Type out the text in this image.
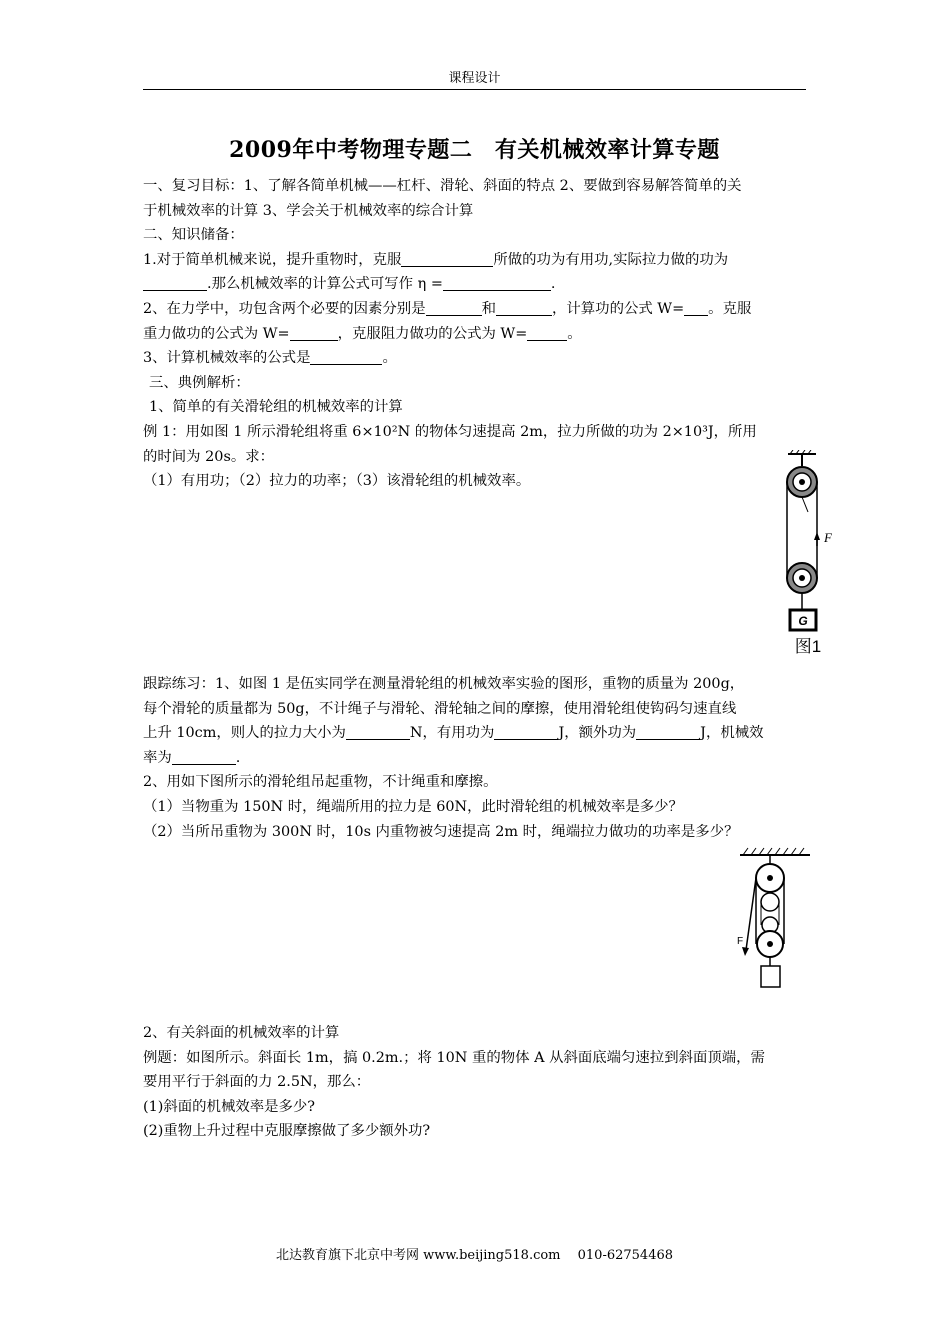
课程设计
2009年中考物理专题二　有关机械效率计算专题

一、复习目标：1、了解各简单机械——杠杆、滑轮、斜面的特点 2、要做到容易解答简单的关

于机械效率的计算 3、学会关于机械效率的综合计算

二、知识储备：

1.对于简单机械来说，提升重物时，克服	所做的功为有用功,实际拉力做的功为

.那么机械效率的计算公式可写作 η =	.

2、在力学中，功包含两个必要的因素分别是	和	，计算功的公式 W= 。克服

重力做功的公式为 W=	，克服阻力做功的公式为 W=	。

3、计算机械效率的公式是	。

三、典例解析：

1、简单的有关滑轮组的机械效率的计算

例 1：用如图 1 所示滑轮组将重 6×10²N 的物体匀速提高 2m，拉力所做的功为 2×10³J，所用

的时间为 20s。求：

（1）有用功；（2）拉力的功率；（3）该滑轮组的机械效率。

F
G
图1

跟踪练习：1、如图 1 是伍实同学在测量滑轮组的机械效率实验的图形，重物的质量为 200g，

每个滑轮的质量都为 50g，不计绳子与滑轮、滑轮轴之间的摩擦，使用滑轮组使钩码匀速直线

上升 10cm，则人的拉力大小为	N，有用功为	J，额外功为	J，机械效

率为	.

2、用如下图所示的滑轮组吊起重物，不计绳重和摩擦。

（1）当物重为 150N 时，绳端所用的拉力是 60N，此时滑轮组的机械效率是多少？

（2）当所吊重物为 300N 时，10s 内重物被匀速提高 2m 时，绳端拉力做功的功率是多少？

F

2、有关斜面的机械效率的计算

例题：如图所示。斜面长 1m，搞 0.2m.；将 10N 重的物体 A 从斜面底端匀速拉到斜面顶端，需

要用平行于斜面的力 2.5N，那么：

(1)斜面的机械效率是多少?

(2)重物上升过程中克服摩擦做了多少额外功?

北达教育旗下北京中考网 www.beijing518.com　 010-62754468
